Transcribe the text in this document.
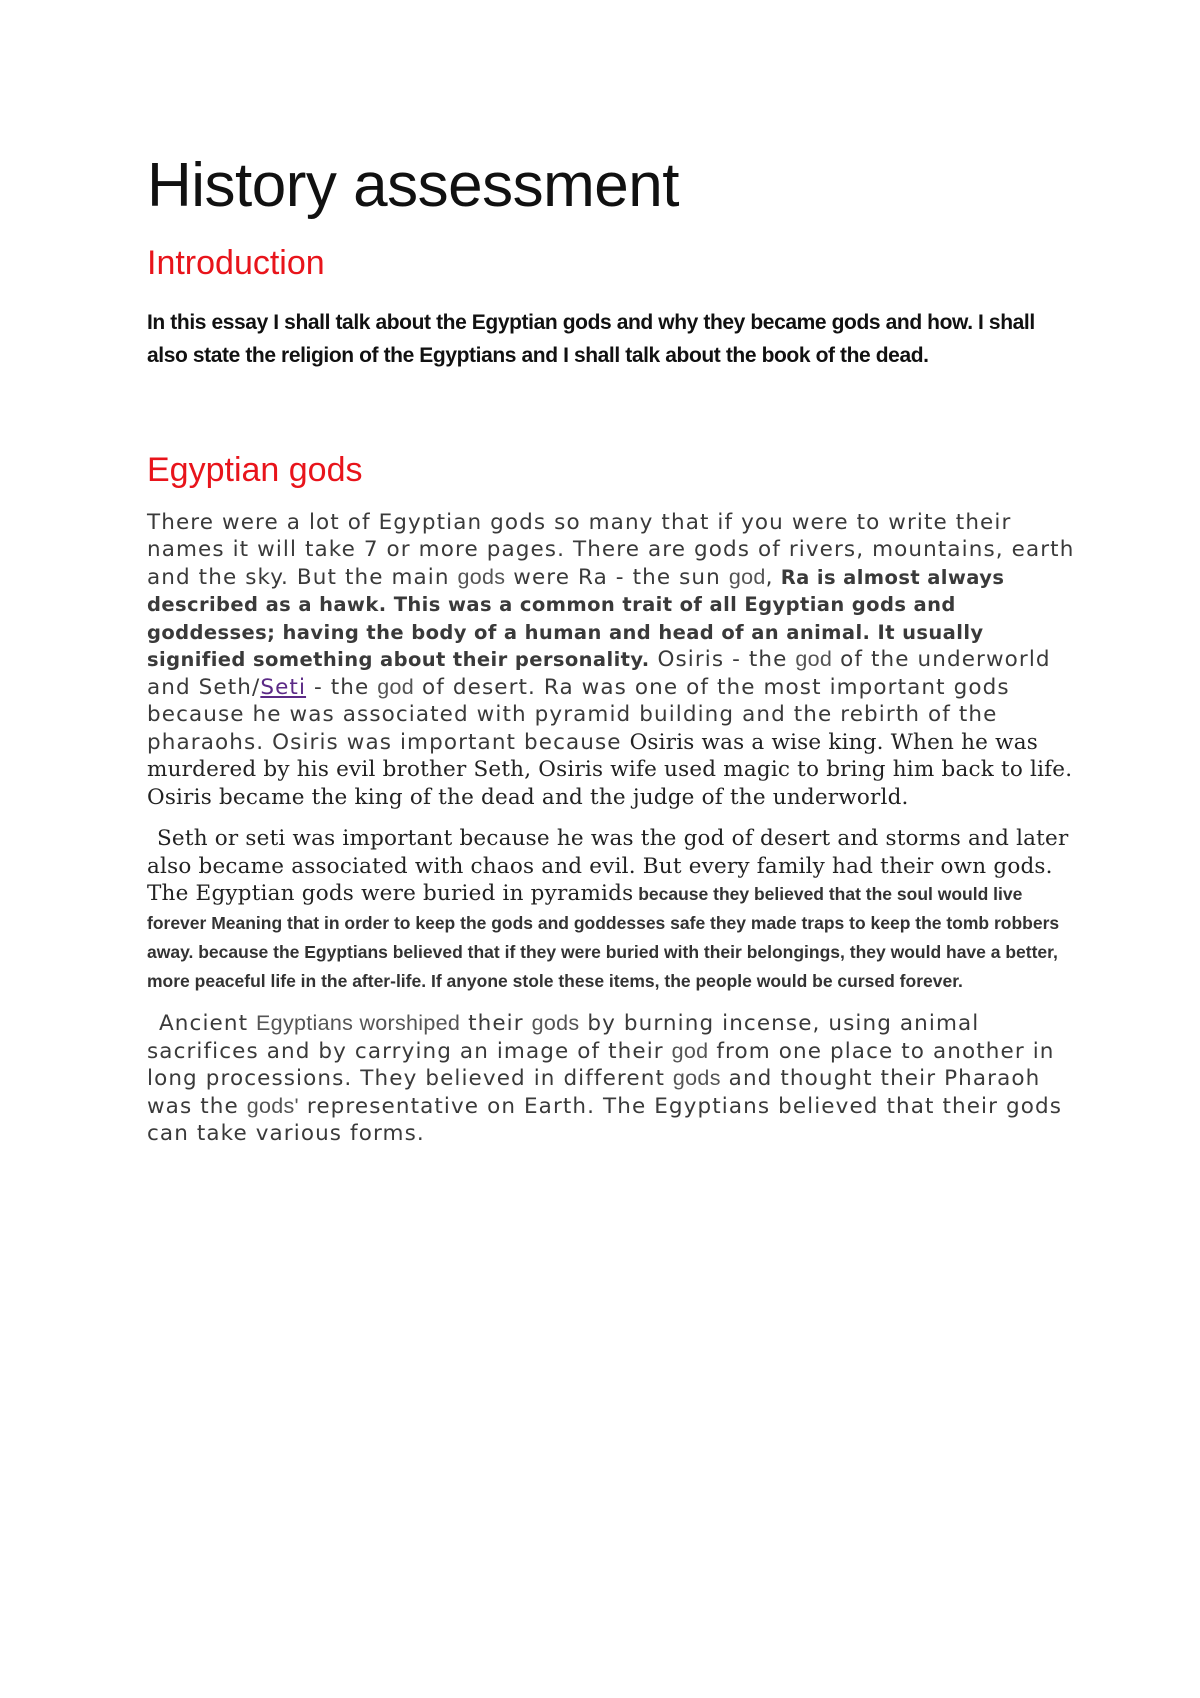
History assessment
Introduction

In this essay I shall talk about the Egyptian gods and why they became gods and how. I shall also state the religion of the Egyptians and I shall talk about the book of the dead.

Egyptian gods

There were a lot of Egyptian gods so many that if you were to write their names it will take 7 or more pages. There are gods of rivers, mountains, earth and the sky. But the main gods were Ra - the sun god, Ra is almost always described as a hawk. This was a common trait of all Egyptian gods and goddesses; having the body of a human and head of an animal. It usually signified something about their personality. Osiris - the god of the underworld and Seth/Seti - the god of desert. Ra was one of the most important gods because he was associated with pyramid building and the rebirth of the pharaohs. Osiris was important because Osiris was a wise king. When he was murdered by his evil brother Seth, Osiris wife used magic to bring him back to life. Osiris became the king of the dead and the judge of the underworld.

Seth or seti was important because he was the god of desert and storms and later also became associated with chaos and evil. But every family had their own gods. The Egyptian gods were buried in pyramids because they believed that the soul would live forever Meaning that in order to keep the gods and goddesses safe they made traps to keep the tomb robbers away. because the Egyptians believed that if they were buried with their belongings, they would have a better, more peaceful life in the after-life. If anyone stole these items, the people would be cursed forever.

Ancient Egyptians worshiped their gods by burning incense, using animal sacrifices and by carrying an image of their god from one place to another in long processions. They believed in different gods and thought their Pharaoh was the gods' representative on Earth. The Egyptians believed that their gods can take various forms.
